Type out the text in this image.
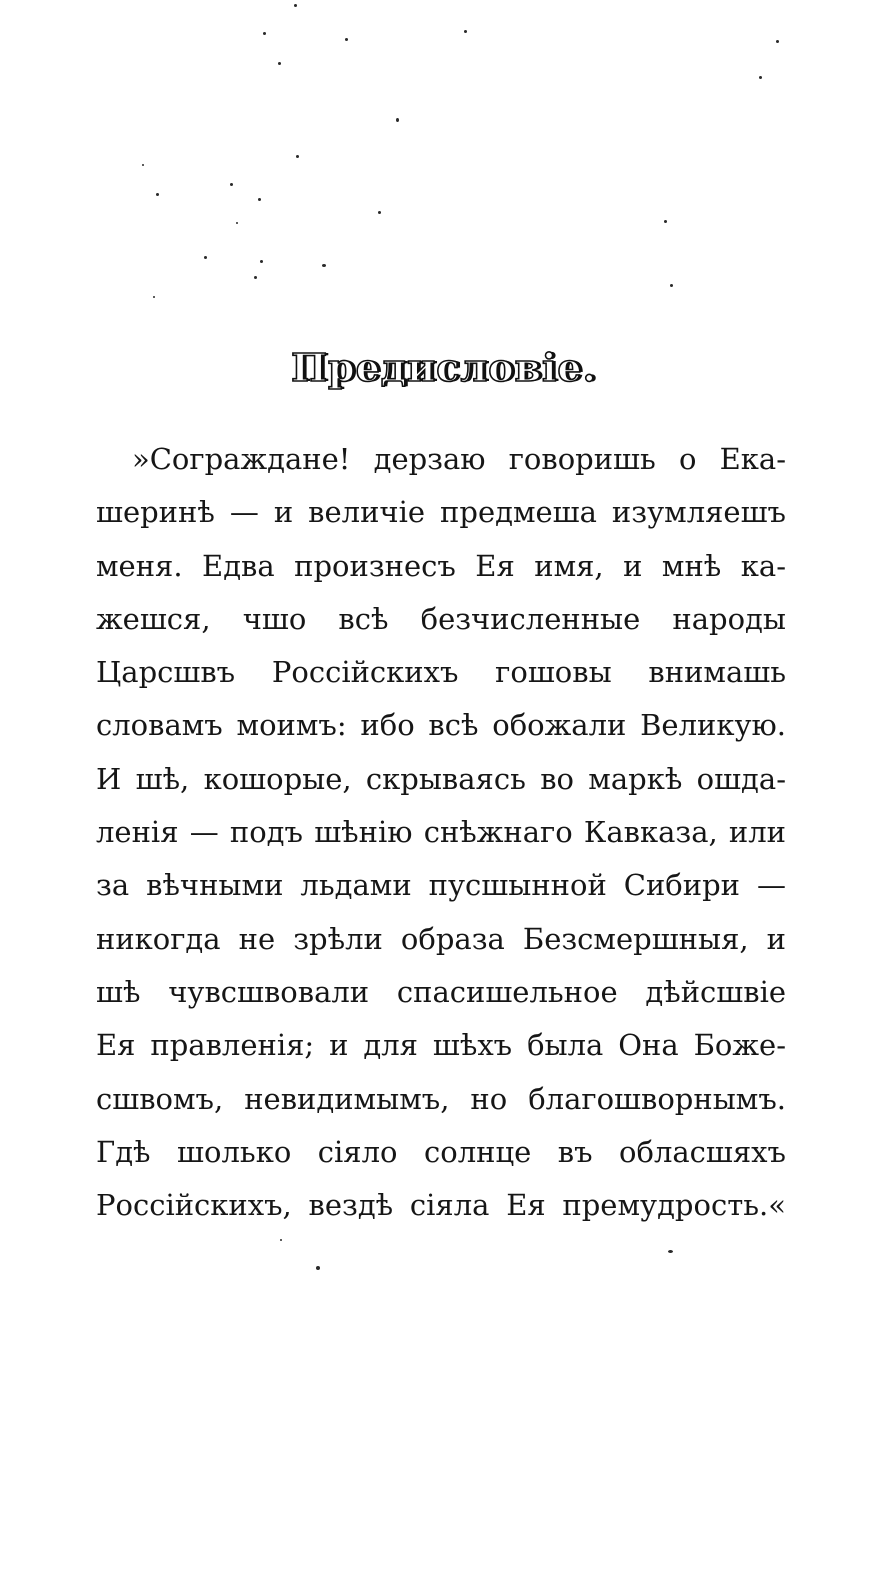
Предисловіе.
»Сограждане! дерзаю говоришь о Ека-
шеринѣ — и величіе предмеша изумляешъ
меня. Едва произнесъ Ея имя, и мнѣ ка-
жешся, чшо всѣ безчисленные народы
Царсшвъ Россійскихъ гошовы внимашь
словамъ моимъ: ибо всѣ обожали Великую.
И шѣ, кошорые, скрываясь во маркѣ ошда-
ленія — подъ шѣнію снѣжнаго Кавказа, или
за вѣчными льдами пусшынной Сибири —
никогда не зрѣли образа Безсмершныя, и
шѣ чувсшвовали спасишельное дѣйсшвіе
Ея правленія; и для шѣхъ была Она Боже-
сшвомъ, невидимымъ, но благошворнымъ.
Гдѣ шолько сіяло солнце въ обласшяхъ
Россійскихъ, вездѣ сіяла Ея премудрость.«
